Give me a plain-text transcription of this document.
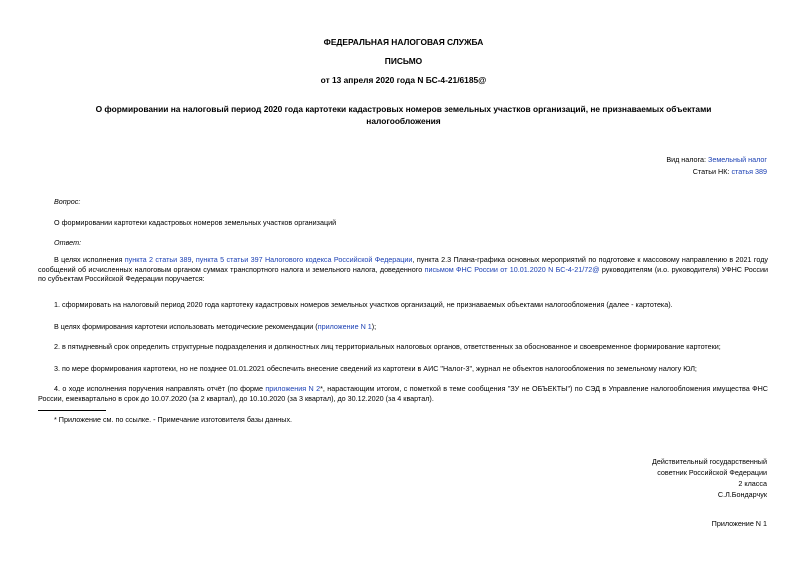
ФЕДЕРАЛЬНАЯ НАЛОГОВАЯ СЛУЖБА
ПИСЬМО
от 13 апреля 2020 года N БС-4-21/6185@
О формировании на налоговый период 2020 года картотеки кадастровых номеров земельных участков организаций, не признаваемых объектами налогообложения
Вид налога: Земельный налог
Статьи НК: статья 389
Вопрос:
О формировании картотеки кадастровых номеров земельных участков организаций
Ответ:
В целях исполнения пункта 2 статьи 389, пункта 5 статьи 397 Налогового кодекса Российской Федерации, пункта 2.3 Плана-графика основных мероприятий по подготовке к массовому направлению в 2021 году сообщений об исчисленных налоговым органом суммах транспортного налога и земельного налога, доведенного письмом ФНС России от 10.01.2020 N БС-4-21/72@ руководителям (и.о. руководителя) УФНС России по субъектам Российской Федерации поручается:
1. сформировать на налоговый период 2020 года картотеку кадастровых номеров земельных участков организаций, не признаваемых объектами налогообложения (далее - картотека).
В целях формирования картотеки использовать методические рекомендации (приложение N 1);
2. в пятидневный срок определить структурные подразделения и должностных лиц территориальных налоговых органов, ответственных за обоснованное и своевременное формирование картотеки;
3. по мере формирования картотеки, но не позднее 01.01.2021 обеспечить внесение сведений из картотеки в АИС "Налог-3", журнал не объектов налогообложения по земельному налогу ЮЛ;
4. о ходе исполнения поручения направлять отчёт (по форме приложения N 2*, нарастающим итогом, с пометкой в теме сообщения "ЗУ не ОБЪЕКТЫ") по СЭД в Управление налогообложения имущества ФНС России, ежеквартально в срок до 10.07.2020 (за 2 квартал), до 10.10.2020 (за 3 квартал), до 30.12.2020 (за 4 квартал).
* Приложение см. по ссылке. - Примечание изготовителя базы данных.
Действительный государственный
советник Российской Федерации
2 класса
С.Л.Бондарчук
Приложение N 1
